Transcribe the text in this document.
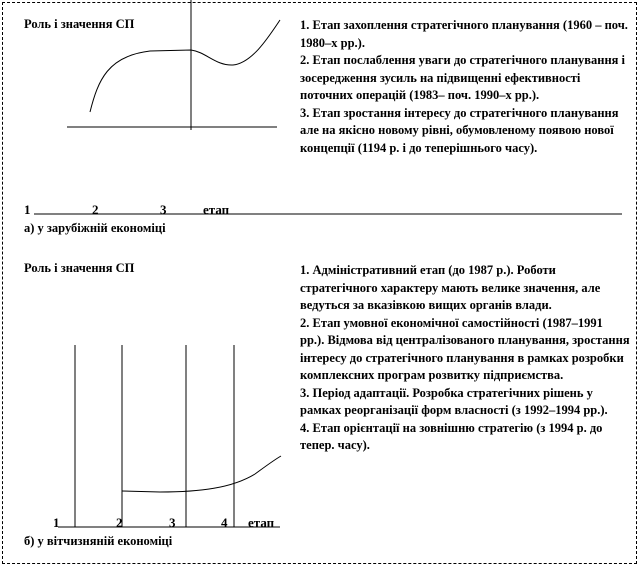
Роль і значення СП	1. Етап захоплення стратегічного планування (1960 – поч. 1980–х рр.).

2. Етап послаблення уваги до стратегічного планування і зосередження зусиль на підвищенні ефективності поточних операцій (1983– поч. 1990–х рр.).

3. Етап зростання інтересу до стратегічного планування але на якісно новому рівні, обумовленому появою нової концепції (1194 р. і до теперішнього часу).

1	2	3	етап
а) у зарубіжній економіці
Роль і значення СП	1. Адміністративний етап (до 1987 р.). Роботи стратегічного характеру мають велике значення, але ведуться за вказівкою вищих органів влади.

2. Етап умовної економічної самостійності (1987–1991 рр.). Відмова від централізованого планування, зростання інтересу до стратегічного планування в рамках розробки комплексних програм розвитку підприємства.

3. Період адаптації. Розробка стратегічних рішень у рамках реорганізації форм власності (з 1992–1994 рр.).

4. Етап орієнтації на зовнішню стратегію (з 1994 р. до тепер. часу).

1	2	3	4 етап
б) у вітчизняній економіці
